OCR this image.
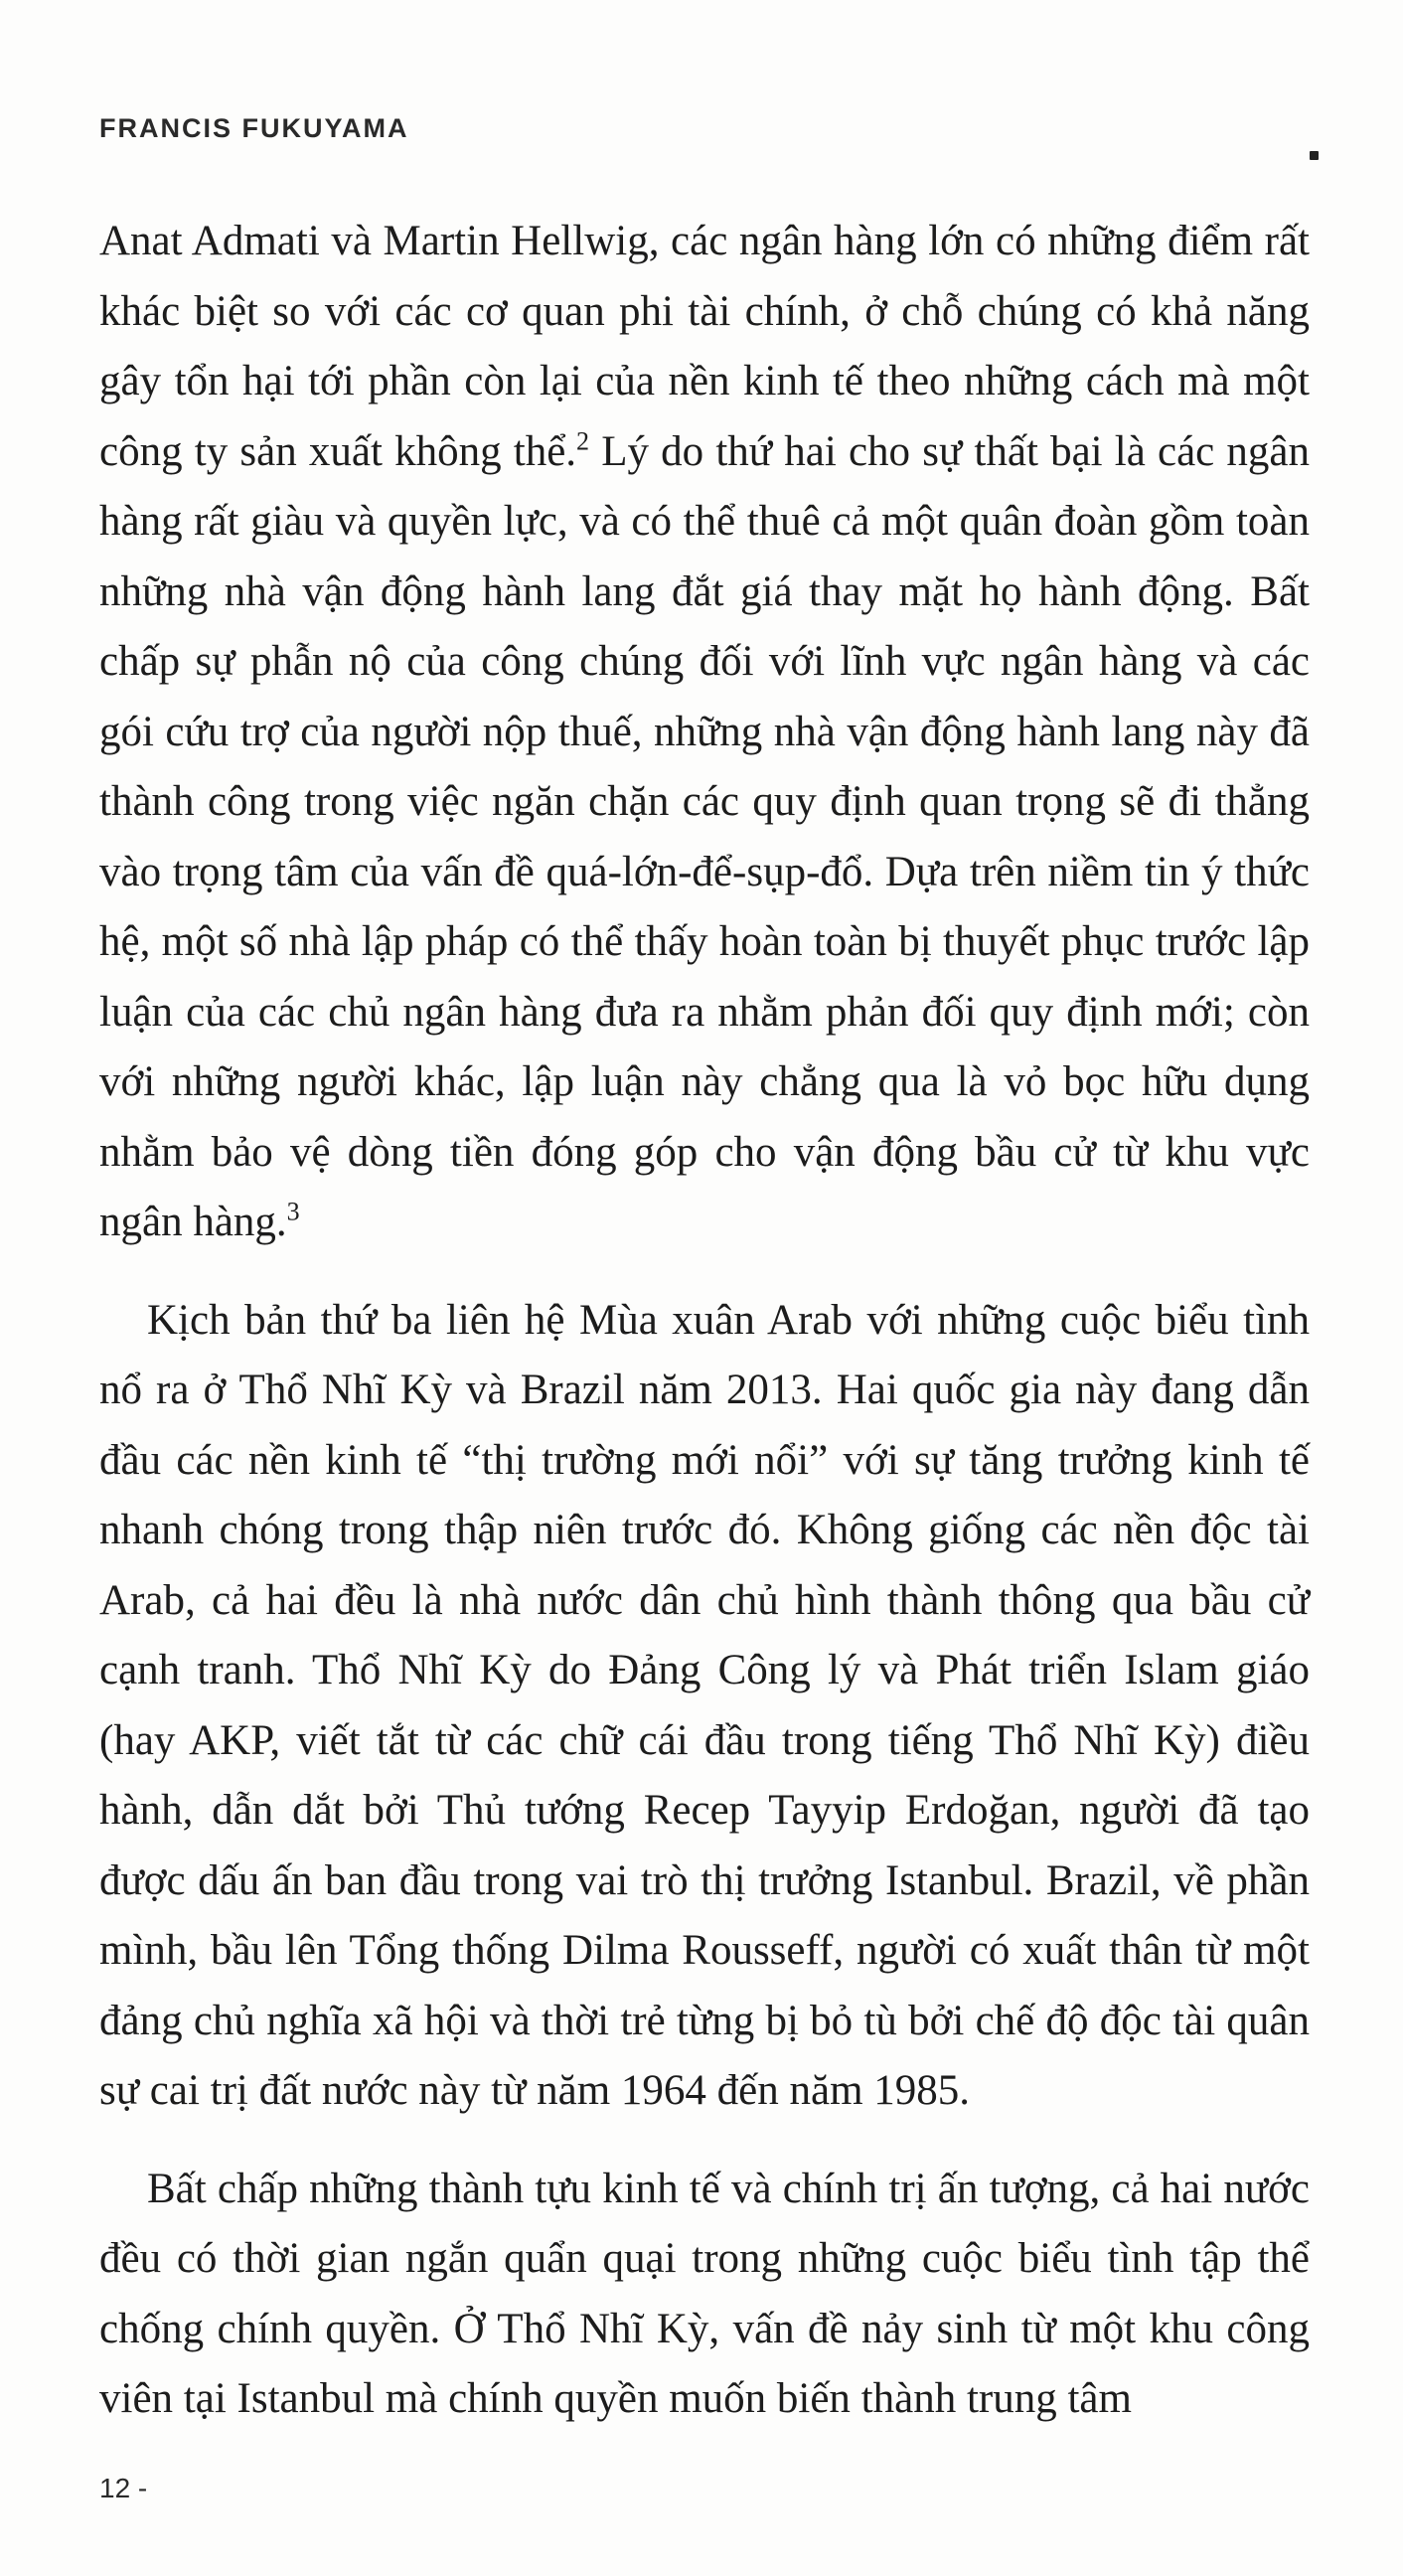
FRANCIS FUKUYAMA

Anat Admati và Martin Hellwig, các ngân hàng lớn có những điểm rất khác biệt so với các cơ quan phi tài chính, ở chỗ chúng có khả năng gây tổn hại tới phần còn lại của nền kinh tế theo những cách mà một công ty sản xuất không thể.$^2$ Lý do thứ hai cho sự thất bại là các ngân hàng rất giàu và quyền lực, và có thể thuê cả một quân đoàn gồm toàn những nhà vận động hành lang đắt giá thay mặt họ hành động. Bất chấp sự phẫn nộ của công chúng đối với lĩnh vực ngân hàng và các gói cứu trợ của người nộp thuế, những nhà vận động hành lang này đã thành công trong việc ngăn chặn các quy định quan trọng sẽ đi thẳng vào trọng tâm của vấn đề quá-lớn-để-sụp-đổ. Dựa trên niềm tin ý thức hệ, một số nhà lập pháp có thể thấy hoàn toàn bị thuyết phục trước lập luận của các chủ ngân hàng đưa ra nhằm phản đối quy định mới; còn với những người khác, lập luận này chẳng qua là vỏ bọc hữu dụng nhằm bảo vệ dòng tiền đóng góp cho vận động bầu cử từ khu vực ngân hàng.$^3$

Kịch bản thứ ba liên hệ Mùa xuân Arab với những cuộc biểu tình nổ ra ở Thổ Nhĩ Kỳ và Brazil năm 2013. Hai quốc gia này đang dẫn đầu các nền kinh tế “thị trường mới nổi” với sự tăng trưởng kinh tế nhanh chóng trong thập niên trước đó. Không giống các nền độc tài Arab, cả hai đều là nhà nước dân chủ hình thành thông qua bầu cử cạnh tranh. Thổ Nhĩ Kỳ do Đảng Công lý và Phát triển Islam giáo (hay AKP, viết tắt từ các chữ cái đầu trong tiếng Thổ Nhĩ Kỳ) điều hành, dẫn dắt bởi Thủ tướng Recep Tayyip Erdoğan, người đã tạo được dấu ấn ban đầu trong vai trò thị trưởng Istanbul. Brazil, về phần mình, bầu lên Tổng thống Dilma Rousseff, người có xuất thân từ một đảng chủ nghĩa xã hội và thời trẻ từng bị bỏ tù bởi chế độ độc tài quân sự cai trị đất nước này từ năm 1964 đến năm 1985.

Bất chấp những thành tựu kinh tế và chính trị ấn tượng, cả hai nước đều có thời gian ngắn quẩn quại trong những cuộc biểu tình tập thể chống chính quyền. Ở Thổ Nhĩ Kỳ, vấn đề nảy sinh từ một khu công viên tại Istanbul mà chính quyền muốn biến thành trung tâm

12 -
